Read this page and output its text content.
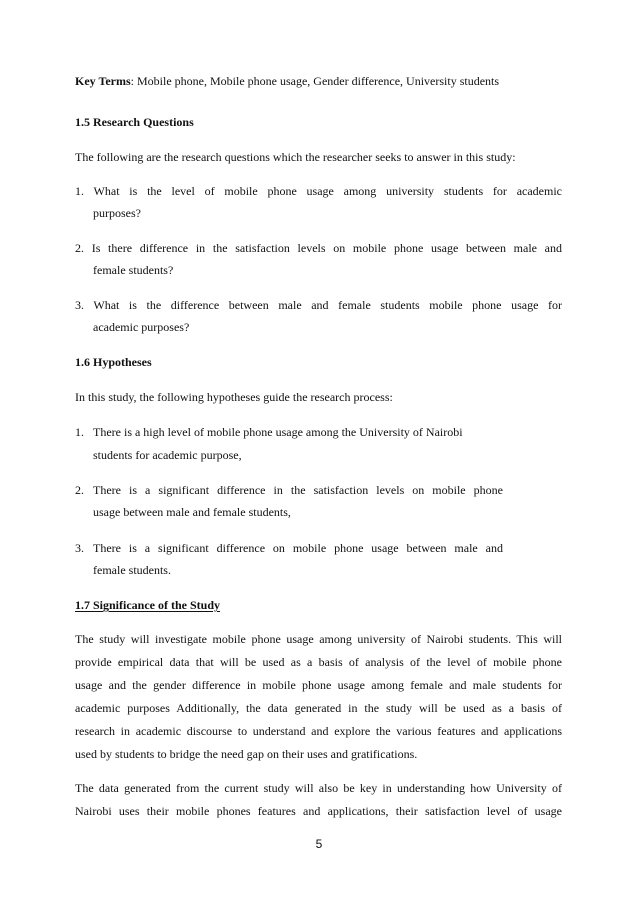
Key Terms: Mobile phone, Mobile phone usage, Gender difference, University students
1.5 Research Questions
The following are the research questions which the researcher seeks to answer in this study:
1. What is the level of mobile phone usage among university students for academic
purposes?
2. Is there difference in the satisfaction levels on mobile phone usage between male and
female students?
3. What is the difference between male and female students mobile phone usage for
academic purposes?
1.6 Hypotheses
In this study, the following hypotheses guide the research process:
1. There is a high level of mobile phone usage among the University of Nairobi
students for academic purpose,
2. There is a significant difference in the satisfaction levels on mobile phone
usage between male and female students,
3. There is a significant difference on mobile phone usage between male and
female students.
1.7 Significance of the Study
The study will investigate mobile phone usage among university of Nairobi students. This will
provide empirical data that will be used as a basis of analysis of the level of mobile phone
usage and the gender difference in mobile phone usage among female and male students for
academic purposes Additionally, the data generated in the study will be used as a basis of
research in academic discourse to understand and explore the various features and applications
used by students to bridge the need gap on their uses and gratifications.
The data generated from the current study will also be key in understanding how University of
Nairobi uses their mobile phones features and applications, their satisfaction level of usage
5
